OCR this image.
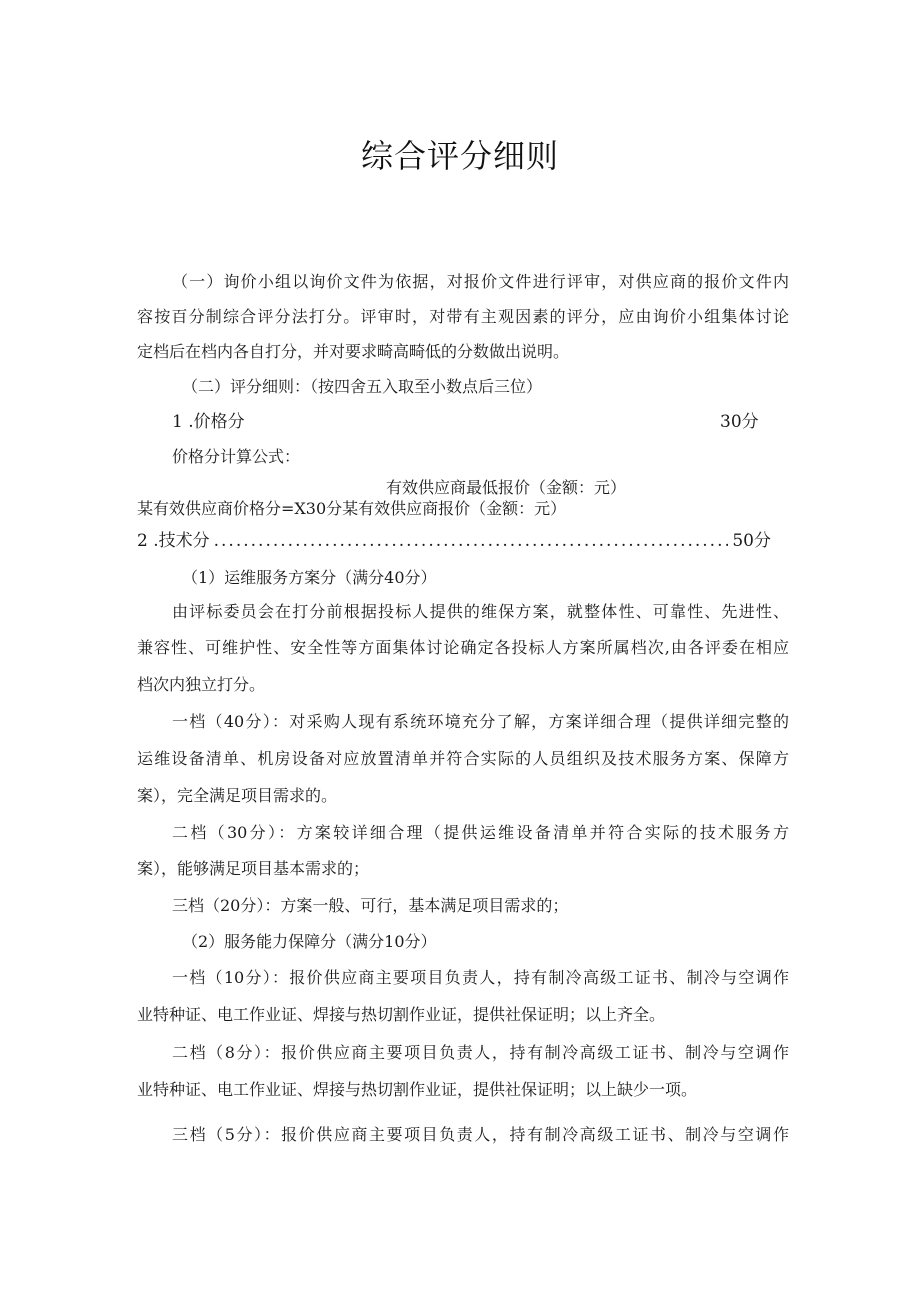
综合评分细则
（一）询价小组以询价文件为依据，对报价文件进行评审，对供应商的报价文件内
容按百分制综合评分法打分。评审时，对带有主观因素的评分，应由询价小组集体讨论
定档后在档内各自打分，并对要求畸高畸低的分数做出说明。
（二）评分细则：（按四舍五入取至小数点后三位）
1 .价格分	30分
价格分计算公式：
有效供应商最低报价（金额：元）
某有效供应商价格分=X30分某有效供应商报价（金额：元）
2 .技术分
.....	50分
（1）运维服务方案分（满分40分）
由评标委员会在打分前根据投标人提供的维保方案，就整体性、可靠性、先进性、
兼容性、可维护性、安全性等方面集体讨论确定各投标人方案所属档次,由各评委在相应
档次内独立打分。
一档（40分）：对采购人现有系统环境充分了解，方案详细合理（提供详细完整的
运维设备清单、机房设备对应放置清单并符合实际的人员组织及技术服务方案、保障方
案），完全满足项目需求的。
二档（30分）：方案较详细合理（提供运维设备清单并符合实际的技术服务方
案），能够满足项目基本需求的；
三档（20分）：方案一般、可行，基本满足项目需求的；
（2）服务能力保障分（满分10分）
一档（10分）：报价供应商主要项目负责人，持有制冷高级工证书、制冷与空调作
业特种证、电工作业证、焊接与热切割作业证，提供社保证明；以上齐全。
二档（8分）：报价供应商主要项目负责人，持有制冷高级工证书、制冷与空调作
业特种证、电工作业证、焊接与热切割作业证，提供社保证明；以上缺少一项。
三档（5分）：报价供应商主要项目负责人，持有制冷高级工证书、制冷与空调作
